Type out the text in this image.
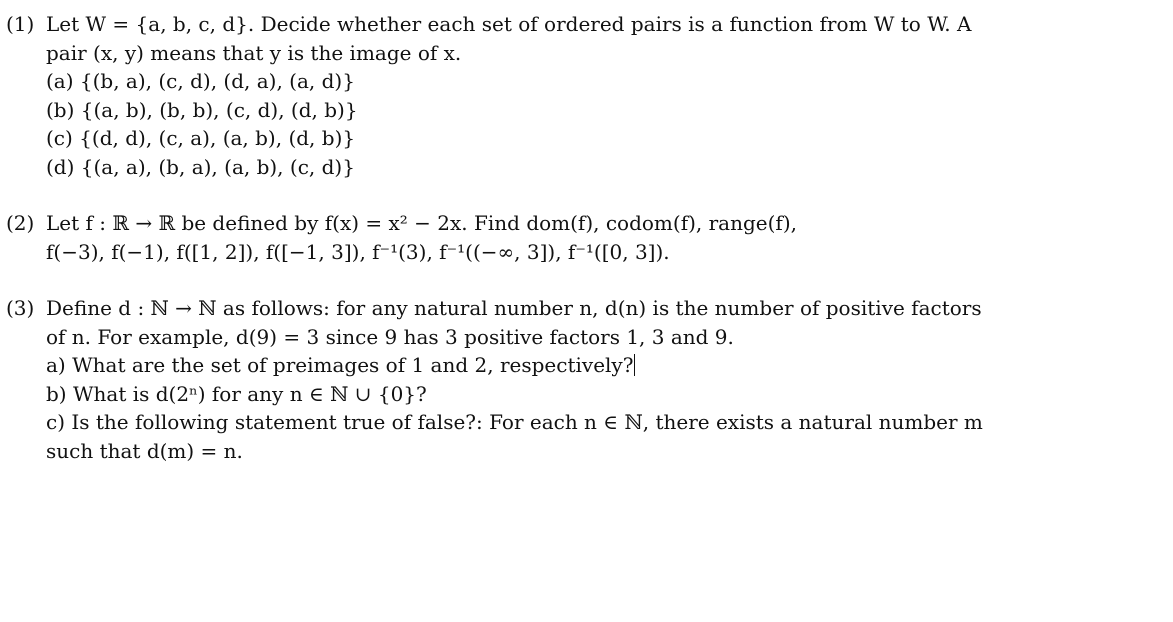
(1) Let W = {a, b, c, d}. Decide whether each set of ordered pairs is a function from W to W. A
pair (x, y) means that y is the image of x.
(a) {(b, a), (c, d), (d, a), (a, d)}
(b) {(a, b), (b, b), (c, d), (d, b)}
(c) {(d, d), (c, a), (a, b), (d, b)}
(d) {(a, a), (b, a), (a, b), (c, d)}
(2) Let f : ℝ → ℝ be defined by f(x) = x² − 2x. Find dom(f), codom(f), range(f),
f(−3), f(−1), f([1, 2]), f([−1, 3]), f⁻¹(3), f⁻¹((−∞, 3]), f⁻¹([0, 3]).
(3) Define d : ℕ → ℕ as follows: for any natural number n, d(n) is the number of positive factors
of n. For example, d(9) = 3 since 9 has 3 positive factors 1, 3 and 9.
a) What are the set of preimages of 1 and 2, respectively?
b) What is d(2ⁿ) for any n ∈ ℕ ∪ {0}?
c) Is the following statement true of false?: For each n ∈ ℕ, there exists a natural number m
such that d(m) = n.
